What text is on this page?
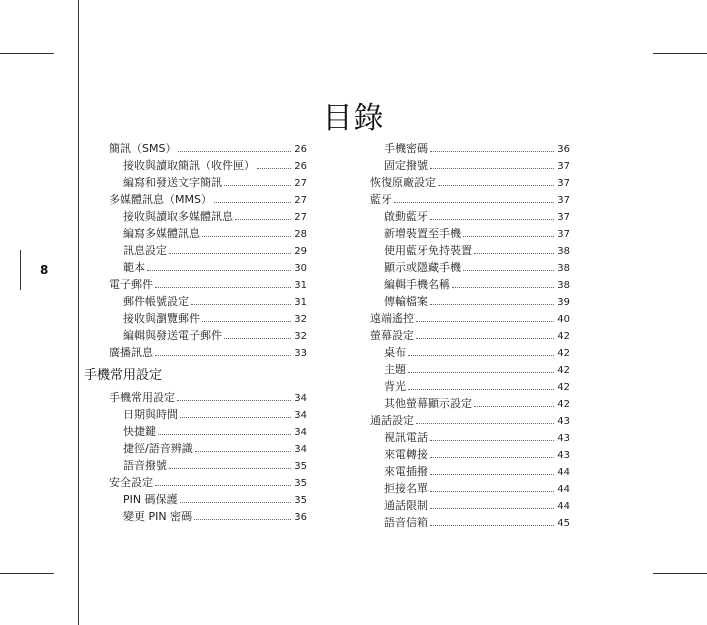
8
目錄
簡訊（SMS）	26
接收與讀取簡訊（收件匣）	26
編寫和發送文字簡訊	27
多媒體訊息（MMS）	27
接收與讀取多媒體訊息	27
編寫多媒體訊息	28
訊息設定	29
範本	30
電子郵件	31
郵件帳號設定	31
接收與瀏覽郵件	32
編輯與發送電子郵件	32
廣播訊息	33
手機常用設定
手機常用設定	34
日期與時間	34
快捷鍵	34
捷徑/語音辨識	34
語音撥號	35
安全設定	35
PIN 碼保護	35
變更 PIN 密碼	36
手機密碼	36
固定撥號	37
恢復原廠設定	37
藍牙	37
啟動藍牙	37
新增裝置至手機	37
使用藍牙免持裝置	38
顯示或隱藏手機	38
編輯手機名稱	38
傳輸檔案	39
遠端遙控	40
螢幕設定	42
桌布	42
主題	42
背光	42
其他螢幕顯示設定	42
通話設定	43
視訊電話	43
來電轉接	43
來電插撥	44
拒接名單	44
通話限制	44
語音信箱	45
